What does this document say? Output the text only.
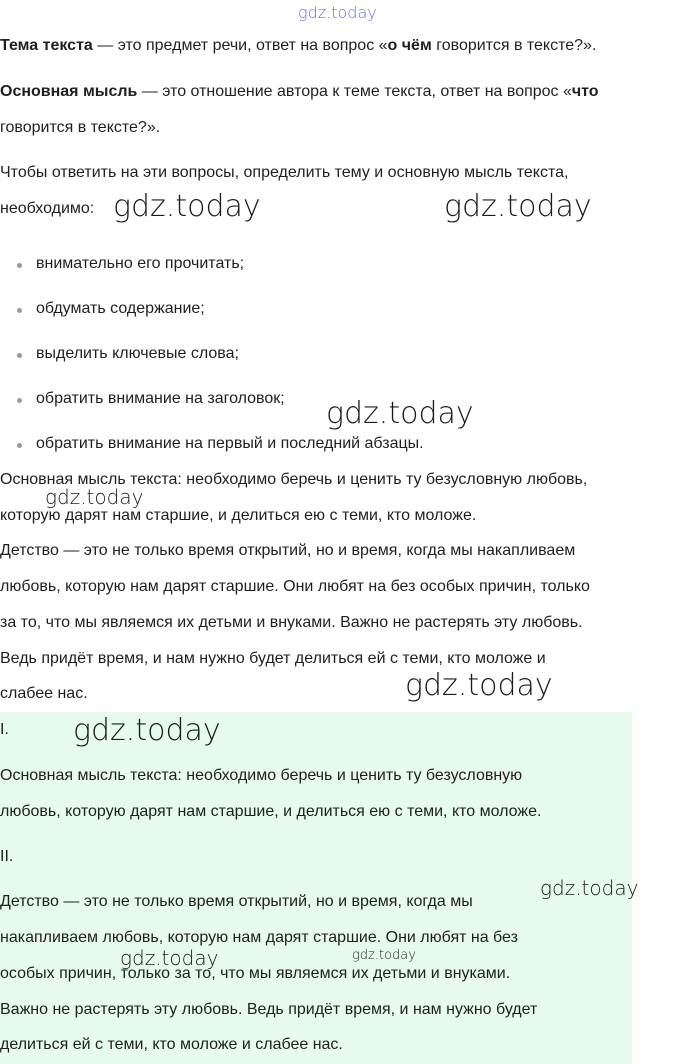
gdz.today
gdz.today	gdz.today
gdz.today
gdz.today
gdz.today
gdz.today
gdz.today
gdz.today	gdz.today

Тема текста — это предмет речи, ответ на вопрос «о чём говорится в тексте?».

Основная мысль — это отношение автора к теме текста, ответ на вопрос «что

говорится в тексте?».

Чтобы ответить на эти вопросы, определить тему и основную мысль текста,

необходимо:

внимательно его прочитать;
обдумать содержание;
выделить ключевые слова;
обратить внимание на заголовок;
обратить внимание на первый и последний абзацы.

Основная мысль текста: необходимо беречь и ценить ту безусловную любовь,

которую дарят нам старшие, и делиться ею с теми, кто моложе.

Детство — это не только время открытий, но и время, когда мы накапливаем

любовь, которую нам дарят старшие. Они любят на без особых причин, только

за то, что мы являемся их детьми и внуками. Важно не растерять эту любовь.

Ведь придёт время, и нам нужно будет делиться ей с теми, кто моложе и

слабее нас.

I.

Основная мысль текста: необходимо беречь и ценить ту безусловную

любовь, которую дарят нам старшие, и делиться ею с теми, кто моложе.

II.

Детство — это не только время открытий, но и время, когда мы

накапливаем любовь, которую нам дарят старшие. Они любят на без

особых причин, только за то, что мы являемся их детьми и внуками.

Важно не растерять эту любовь. Ведь придёт время, и нам нужно будет

делиться ей с теми, кто моложе и слабее нас.
